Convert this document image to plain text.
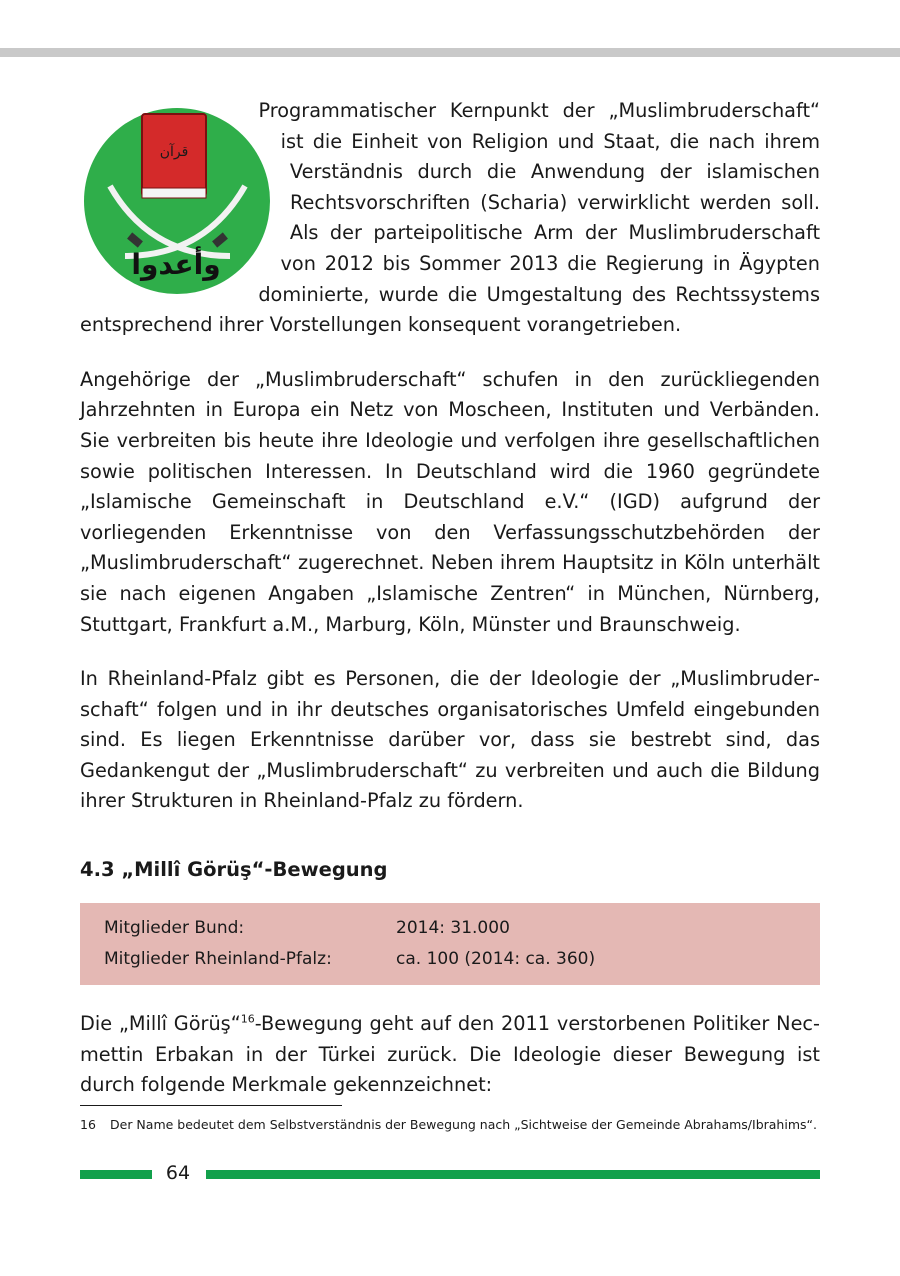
قرآن
وأعدوا
Programmatischer Kernpunkt der „Muslimbruderschaft“ ist die Einheit von Religion und Staat, die nach ihrem Verständnis durch die Anwendung der islamischen Rechtsvorschriften (Scharia) verwirklicht werden soll. Als der parteipolitische Arm der Muslimbruderschaft von 2012 bis Sommer 2013 die Regierung in Ägypten dominierte, wurde die Umgestaltung des Rechtssystems entsprechend ihrer Vorstellungen konsequent vorangetrieben.

Angehörige der „Muslimbruderschaft“ schufen in den zurückliegenden Jahrzehnten in Europa ein Netz von Moscheen, Instituten und Verbänden. Sie verbreiten bis heute ihre Ideologie und verfolgen ihre gesellschaftlichen sowie politischen Interessen. In Deutschland wird die 1960 gegründete „Islamische Gemeinschaft in Deutschland e.V.“ (IGD) aufgrund der vorliegenden Erkenntnisse von den Verfassungsschutzbehörden der „Muslimbruderschaft“ zugerechnet. Neben ihrem Hauptsitz in Köln unterhält sie nach eigenen Angaben „Islamische Zentren“ in München, Nürnberg, Stuttgart, Frankfurt a.M., Marburg, Köln, Münster und Braunschweig.

In Rheinland-Pfalz gibt es Personen, die der Ideologie der „Muslimbruderschaft“ folgen und in ihr deutsches organisatorisches Umfeld eingebunden sind. Es liegen Erkenntnisse darüber vor, dass sie bestrebt sind, das Gedankengut der „Muslimbruderschaft“ zu verbreiten und auch die Bildung ihrer Strukturen in Rheinland-Pfalz zu fördern.

4.3 „Millî Görüş“-Bewegung
Mitglieder Bund:	2014: 31.000
Mitglieder Rheinland-Pfalz:	ca. 100 (2014: ca. 360)

Die „Millî Görüş“$^{16}$-Bewegung geht auf den 2011 verstorbenen Politiker Necmettin Erbakan in der Türkei zurück. Die Ideologie dieser Bewegung ist durch folgende Merkmale gekennzeichnet:

16 Der Name bedeutet dem Selbstverständnis der Bewegung nach „Sichtweise der Gemeinde Abrahams/Ibrahims“.
64
